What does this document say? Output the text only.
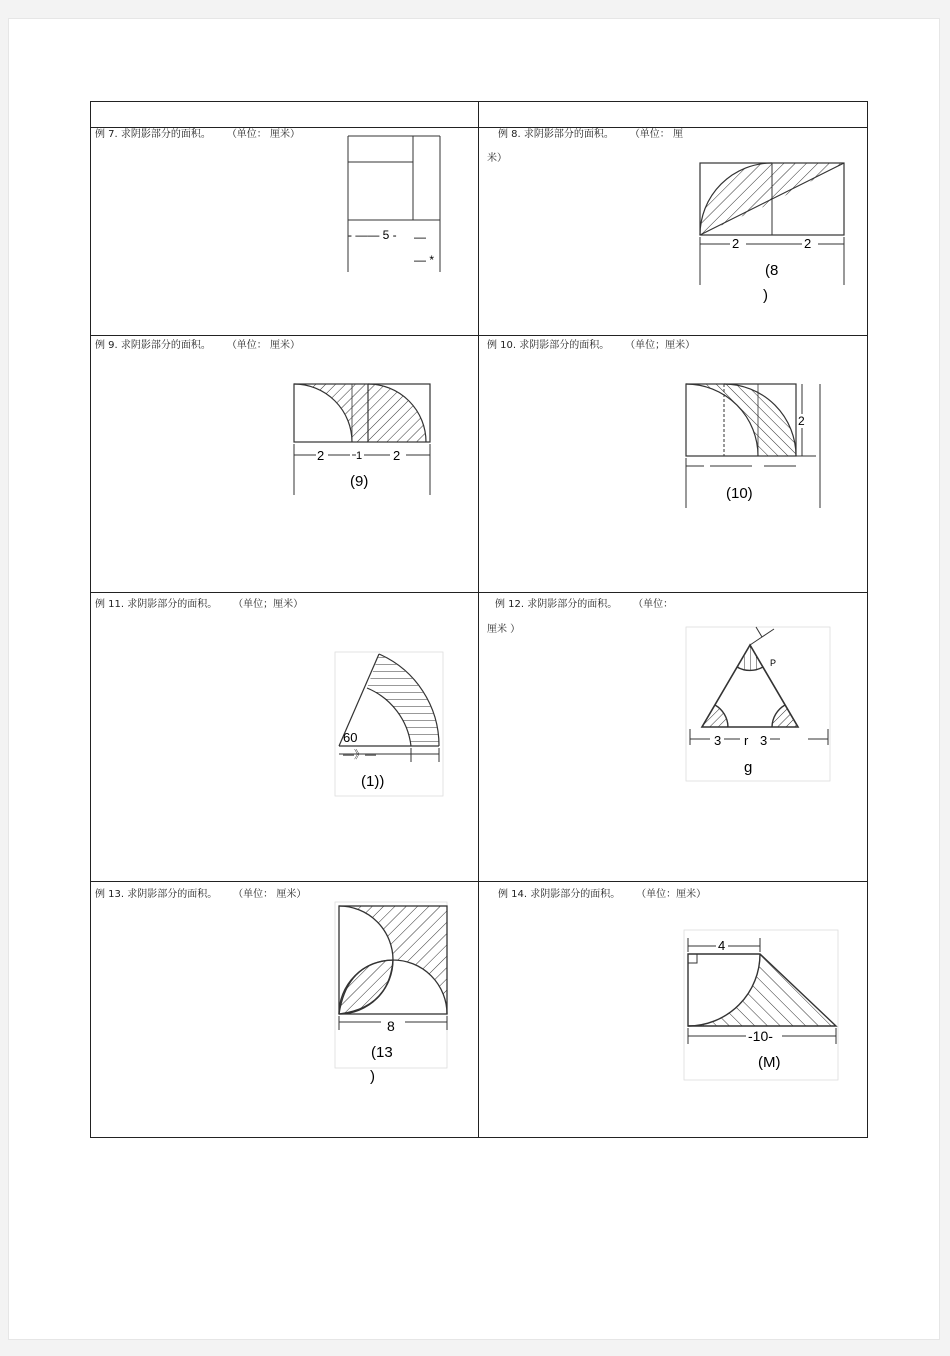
例 7. 求阴影部分的面积。 （单位： 厘米）
- —— 5 - —
— *
例 8. 求阴影部分的面积。 （单位： 厘
米）
2	2
(8
)
例 9. 求阴影部分的面积。 （单位： 厘米）
2	1 2
(9)
例 10. 求阴影部分的面积。 （单位；厘米）
2
(10)
例 11. 求阴影部分的面积。 （单位；厘米）
60
—》—
(1))
例 12. 求阴影部分的面积。 （单位：
厘米 ）
P
3 r 3
g
例 13. 求阴影部分的面积。 （单位： 厘米）
8
(13
)
例 14. 求阴影部分的面积。 （单位：厘米）
4
-10-
(M)
